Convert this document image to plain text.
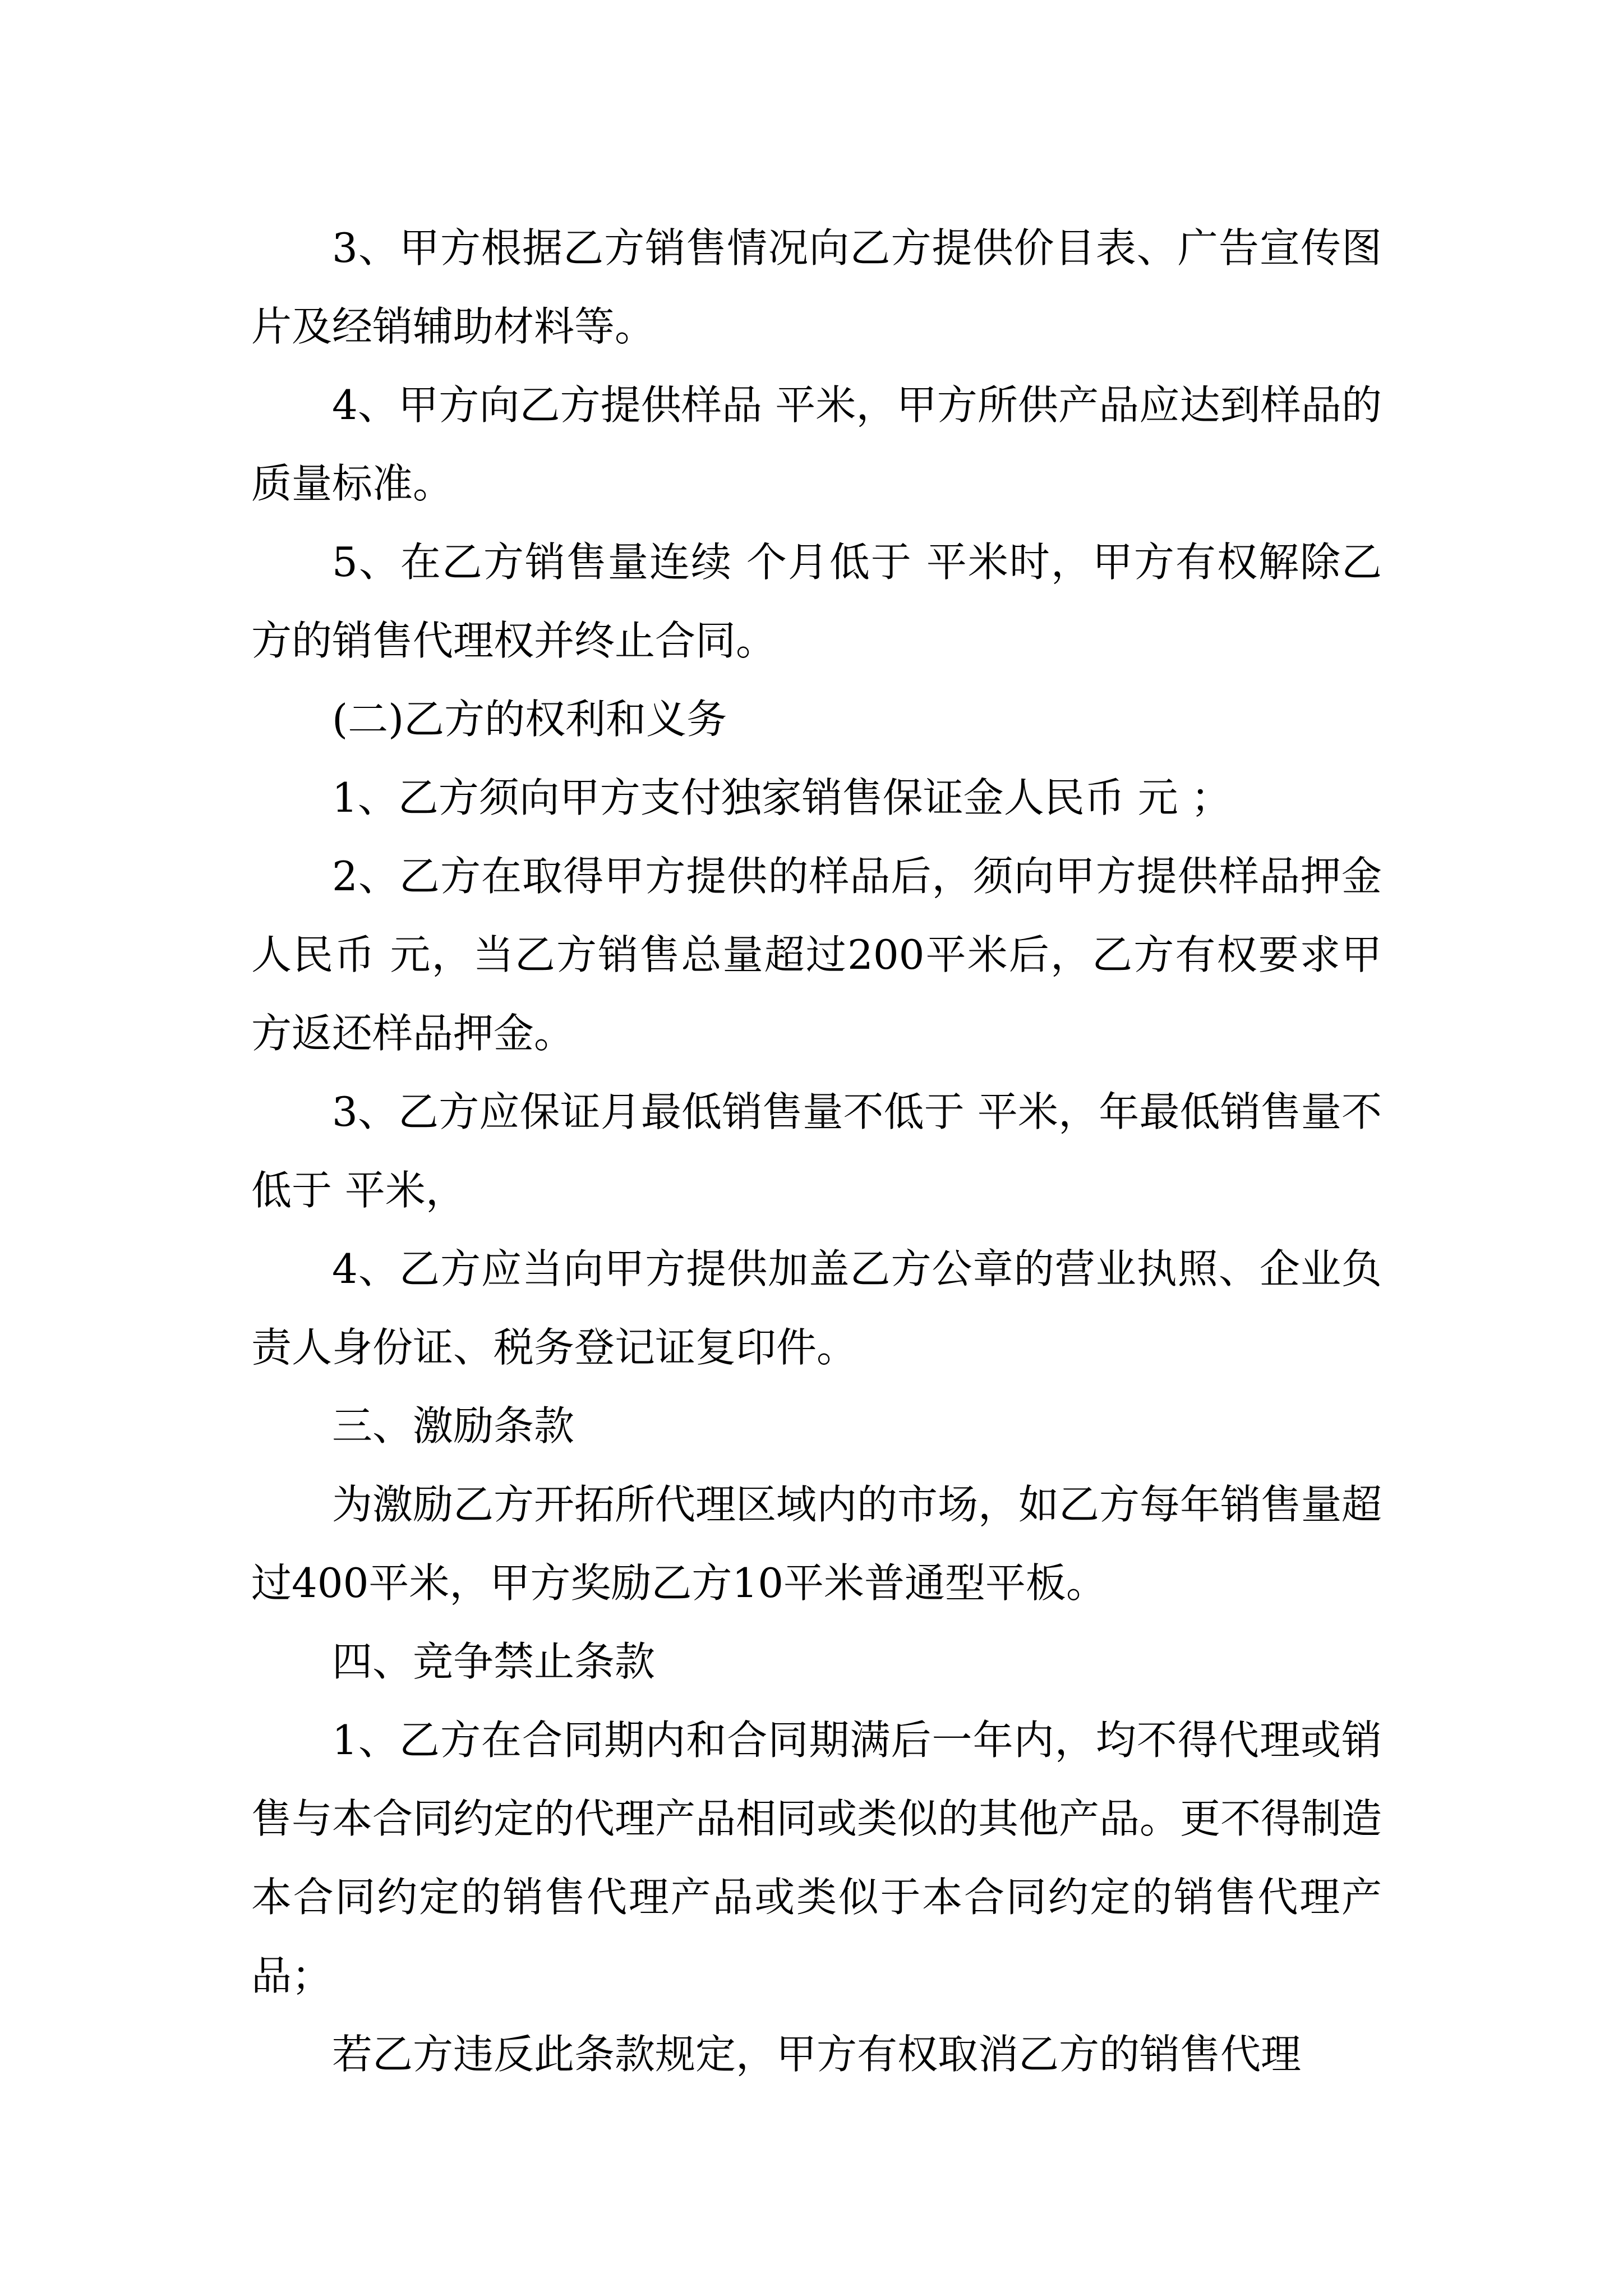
3、甲方根据乙方销售情况向乙方提供价目表、广告宣传图片及经销辅助材料等。

4、甲方向乙方提供样品 平米，甲方所供产品应达到样品的质量标准。

5、在乙方销售量连续 个月低于 平米时，甲方有权解除乙方的销售代理权并终止合同。

(二)乙方的权利和义务

1、乙方须向甲方支付独家销售保证金人民币 元 ；

2、乙方在取得甲方提供的样品后，须向甲方提供样品押金人民币 元，当乙方销售总量超过200平米后，乙方有权要求甲方返还样品押金。

3、乙方应保证月最低销售量不低于 平米，年最低销售量不低于 平米，

4、乙方应当向甲方提供加盖乙方公章的营业执照、企业负责人身份证、税务登记证复印件。

三、激励条款

为激励乙方开拓所代理区域内的市场，如乙方每年销售量超过400平米，甲方奖励乙方10平米普通型平板。

四、竞争禁止条款

1、乙方在合同期内和合同期满后一年内，均不得代理或销售与本合同约定的代理产品相同或类似的其他产品。更不得制造本合同约定的销售代理产品或类似于本合同约定的销售代理产品；

若乙方违反此条款规定，甲方有权取消乙方的销售代理
